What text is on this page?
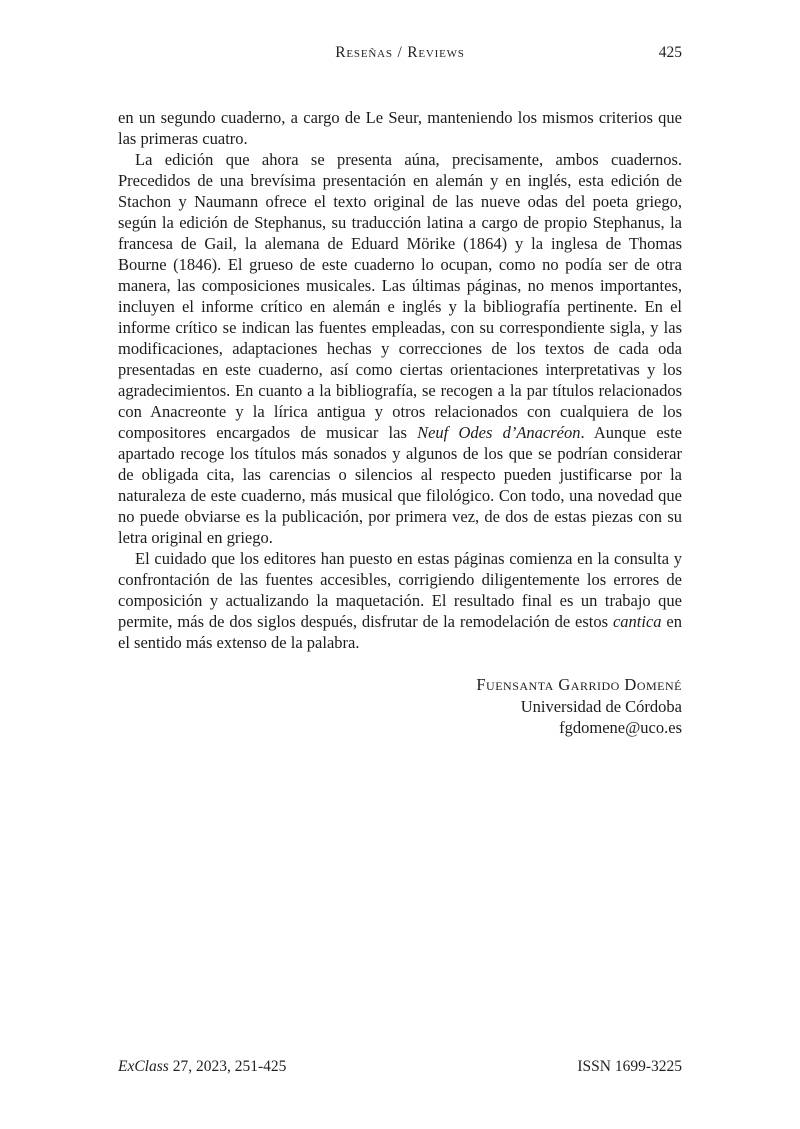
Reseñas / Reviews	425

en un segundo cuaderno, a cargo de Le Seur, manteniendo los mismos criterios que las primeras cuatro.

La edición que ahora se presenta aúna, precisamente, ambos cuadernos. Precedidos de una brevísima presentación en alemán y en inglés, esta edición de Stachon y Naumann ofrece el texto original de las nueve odas del poeta griego, según la edición de Stephanus, su traducción latina a cargo de propio Stephanus, la francesa de Gail, la alemana de Eduard Mörike (1864) y la inglesa de Thomas Bourne (1846). El grueso de este cuaderno lo ocupan, como no podía ser de otra manera, las composiciones musicales. Las últimas páginas, no menos importantes, incluyen el informe crítico en alemán e inglés y la bibliografía pertinente. En el informe crítico se indican las fuentes empleadas, con su correspondiente sigla, y las modificaciones, adaptaciones hechas y correcciones de los textos de cada oda presentadas en este cuaderno, así como ciertas orientaciones interpretativas y los agradecimientos. En cuanto a la bibliografía, se recogen a la par títulos relacionados con Anacreonte y la lírica antigua y otros relacionados con cualquiera de los compositores encargados de musicar las Neuf Odes d’Anacréon. Aunque este apartado recoge los títulos más sonados y algunos de los que se podrían considerar de obligada cita, las carencias o silencios al respecto pueden justificarse por la naturaleza de este cuaderno, más musical que filológico. Con todo, una novedad que no puede obviarse es la publicación, por primera vez, de dos de estas piezas con su letra original en griego.

El cuidado que los editores han puesto en estas páginas comienza en la consulta y confrontación de las fuentes accesibles, corrigiendo diligentemente los errores de composición y actualizando la maquetación. El resultado final es un trabajo que permite, más de dos siglos después, disfrutar de la remodelación de estos cantica en el sentido más extenso de la palabra.

Fuensanta Garrido Domené
Universidad de Córdoba
fgdomene@uco.es
ExClass 27, 2023, 251-425	ISSN 1699-3225
